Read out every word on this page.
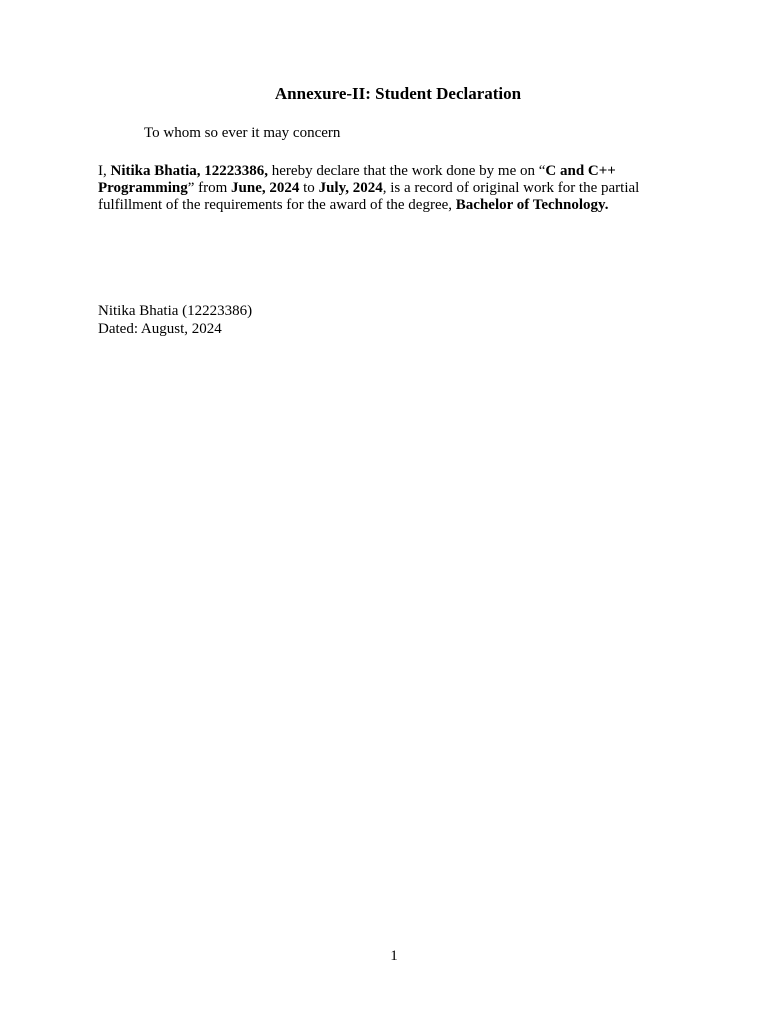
Annexure-II: Student Declaration

To whom so ever it may concern

I, Nitika Bhatia, 12223386, hereby declare that the work done by me on “C and C++ Programming” from June, 2024 to July, 2024, is a record of original work for the partial fulfillment of the requirements for the award of the degree, Bachelor of Technology.

Nitika Bhatia (12223386)

Dated: August, 2024

1
